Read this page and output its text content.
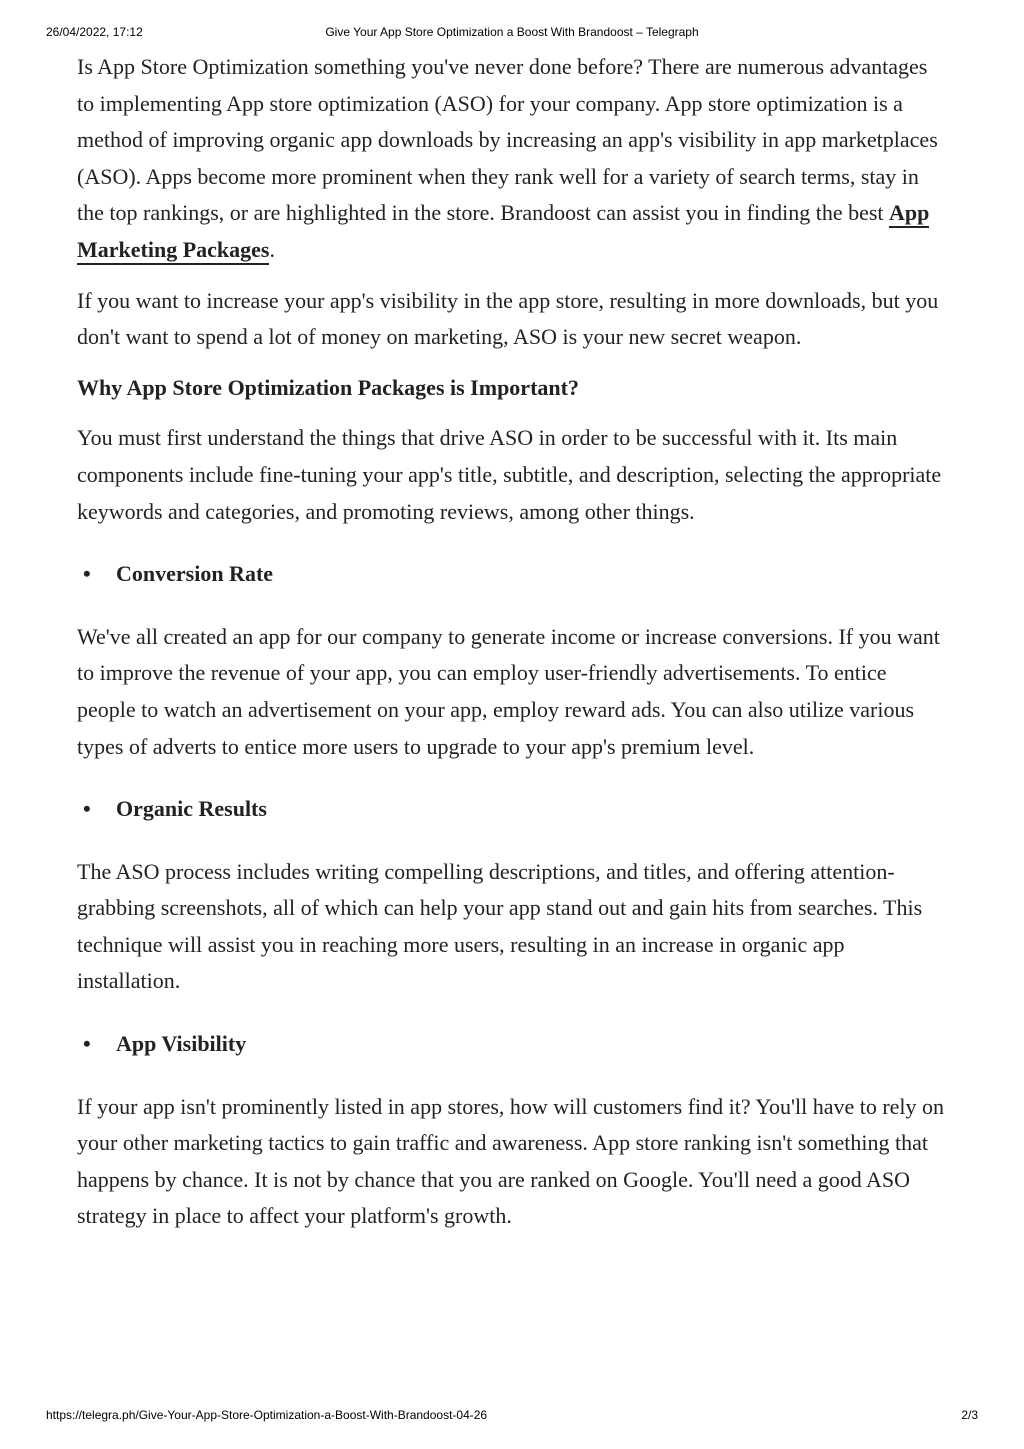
26/04/2022, 17:12	Give Your App Store Optimization a Boost With Brandoost – Telegraph

Is App Store Optimization something you've never done before? There are numerous advantages to implementing App store optimization (ASO) for your company. App store optimization is a method of improving organic app downloads by increasing an app's visibility in app marketplaces (ASO). Apps become more prominent when they rank well for a variety of search terms, stay in the top rankings, or are highlighted in the store. Brandoost can assist you in finding the best App Marketing Packages.

If you want to increase your app's visibility in the app store, resulting in more downloads, but you don't want to spend a lot of money on marketing, ASO is your new secret weapon.

Why App Store Optimization Packages is Important?

You must first understand the things that drive ASO in order to be successful with it. Its main components include fine-tuning your app's title, subtitle, and description, selecting the appropriate keywords and categories, and promoting reviews, among other things.

• Conversion Rate

We've all created an app for our company to generate income or increase conversions. If you want to improve the revenue of your app, you can employ user-friendly advertisements. To entice people to watch an advertisement on your app, employ reward ads. You can also utilize various types of adverts to entice more users to upgrade to your app's premium level.

• Organic Results

The ASO process includes writing compelling descriptions, and titles, and offering attention-grabbing screenshots, all of which can help your app stand out and gain hits from searches. This technique will assist you in reaching more users, resulting in an increase in organic app installation.

• App Visibility

If your app isn't prominently listed in app stores, how will customers find it? You'll have to rely on your other marketing tactics to gain traffic and awareness. App store ranking isn't something that happens by chance. It is not by chance that you are ranked on Google. You'll need a good ASO strategy in place to affect your platform's growth.

https://telegra.ph/Give-Your-App-Store-Optimization-a-Boost-With-Brandoost-04-26	2/3
